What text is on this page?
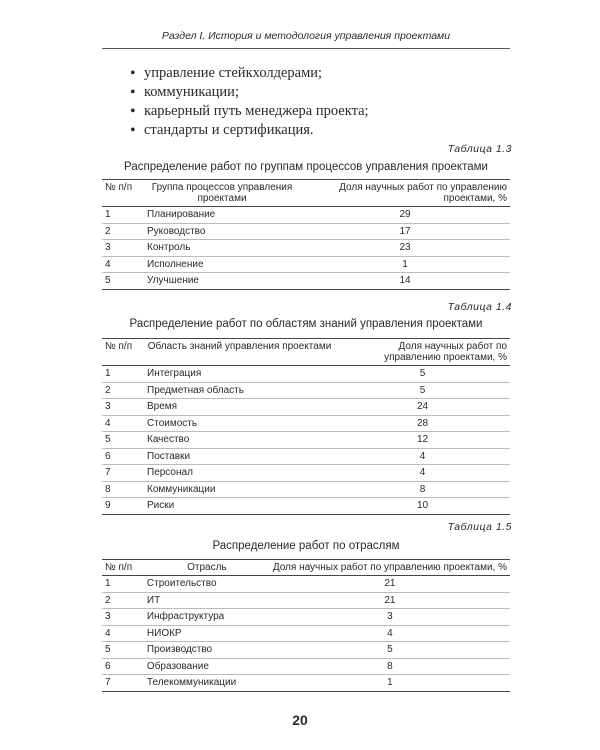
Раздел I. История и методология управления проектами
• управление стейкхолдерами;
• коммуникации;
• карьерный путь менеджера проекта;
• стандарты и сертификация.
Таблица 1.3
Распределение работ по группам процессов управления проектами
№ п/п	Группа процессов управления проектами	Доля научных работ по управлению проектами, %
1	Планирование	29
2	Руководство	17
3	Контроль	23
4	Исполнение	1
5	Улучшение	14
Таблица 1.4
Распределение работ по областям знаний управления проектами
№ п/п	Область знаний управления проектами	Доля научных работ по управлению проектами, %
1	Интеграция	5
2	Предметная область	5
3	Время	24
4	Стоимость	28
5	Качество	12
6	Поставки	4
7	Персонал	4
8	Коммуникации	8
9	Риски	10
Таблица 1.5
Распределение работ по отраслям
№ п/п	Отрасль	Доля научных работ по управлению проектами, %
1	Строительство	21
2	ИТ	21
3	Инфраструктура	3
4	НИОКР	4
5	Производство	5
6	Образование	8
7	Телекоммуникации	1
20
